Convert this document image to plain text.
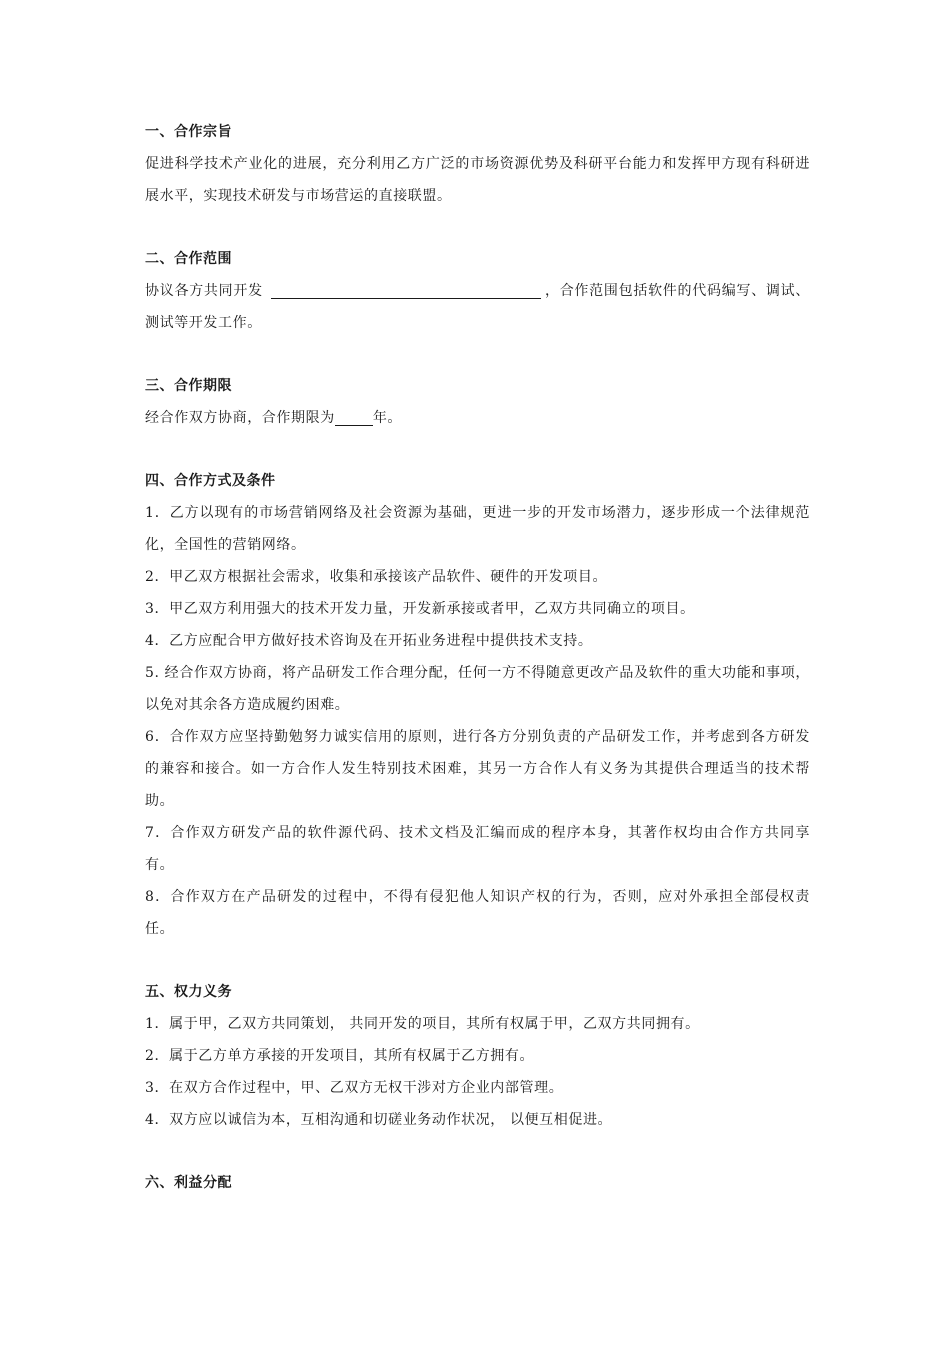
一、合作宗旨

促进科学技术产业化的进展，充分利用乙方广泛的市场资源优势及科研平台能力和发挥甲方现有科研进展水平，实现技术研发与市场营运的直接联盟。

二、合作范围

协议各方共同开发	，合作范围包括软件的代码编写、调试、测试等开发工作。

三、合作期限

经合作双方协商，合作期限为	年。

四、合作方式及条件

1．乙方以现有的市场营销网络及社会资源为基础，更进一步的开发市场潜力，逐步形成一个法律规范化，全国性的营销网络。

2．甲乙双方根据社会需求，收集和承接该产品软件、硬件的开发项目。

3．甲乙双方利用强大的技术开发力量，开发新承接或者甲，乙双方共同确立的项目。

4．乙方应配合甲方做好技术咨询及在开拓业务进程中提供技术支持。

5. 经合作双方协商，将产品研发工作合理分配，任何一方不得随意更改产品及软件的重大功能和事项，以免对其余各方造成履约困难。

6．合作双方应坚持勤勉努力诚实信用的原则，进行各方分别负责的产品研发工作，并考虑到各方研发的兼容和接合。如一方合作人发生特别技术困难，其另一方合作人有义务为其提供合理适当的技术帮助。

7．合作双方研发产品的软件源代码、技术文档及汇编而成的程序本身，其著作权均由合作方共同享有。

8．合作双方在产品研发的过程中，不得有侵犯他人知识产权的行为，否则，应对外承担全部侵权责任。

五、权力义务

1．属于甲，乙双方共同策划， 共同开发的项目，其所有权属于甲，乙双方共同拥有。

2．属于乙方单方承接的开发项目，其所有权属于乙方拥有。

3．在双方合作过程中，甲、乙双方无权干涉对方企业内部管理。

4．双方应以诚信为本，互相沟通和切磋业务动作状况， 以便互相促进。

六、利益分配
